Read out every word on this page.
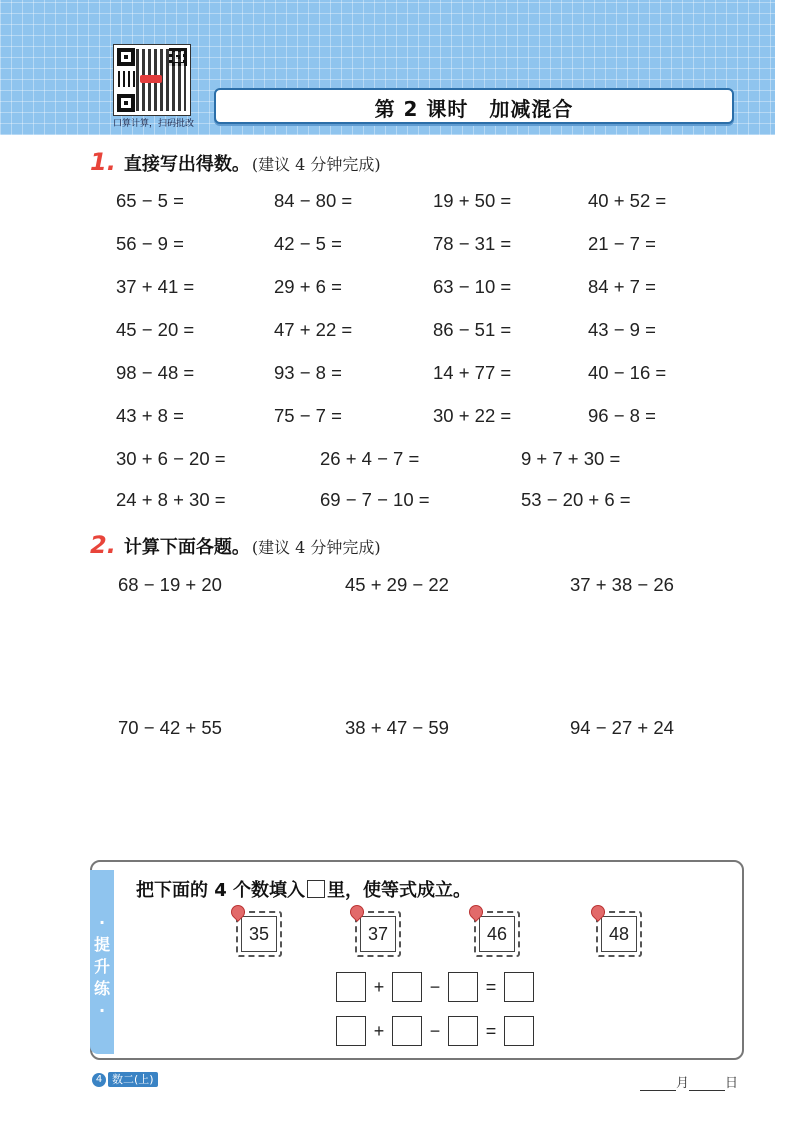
口算计算，扫码批改
第 2 课时　加减混合
1. 直接写出得数。 (建议 4 分钟完成)
65 − 5 =	84 − 80 =	19 + 50 =	40 + 52 =
56 − 9 =	42 − 5 =	78 − 31 =	21 − 7 =
37 + 41 =	29 + 6 =	63 − 10 =	84 + 7 =
45 − 20 =	47 + 22 =	86 − 51 =	43 − 9 =
98 − 48 =	93 − 8 =	14 + 77 =	40 − 16 =
43 + 8 =	75 − 7 =	30 + 22 =	96 − 8 =
30 + 6 − 20 =	26 + 4 − 7 =	9 + 7 + 30 =
24 + 8 + 30 =	69 − 7 − 10 =	53 − 20 + 6 =
2. 计算下面各题。 (建议 4 分钟完成)
68 − 19 + 20	45 + 29 − 22	37 + 38 − 26
70 − 42 + 55	38 + 47 − 59	94 − 27 + 24
·提升练·
把下面的 4 个数填入 里，使等式成立。
35	37	46	48
+	−	=
+	−	=
4 数二(上)	月	日
